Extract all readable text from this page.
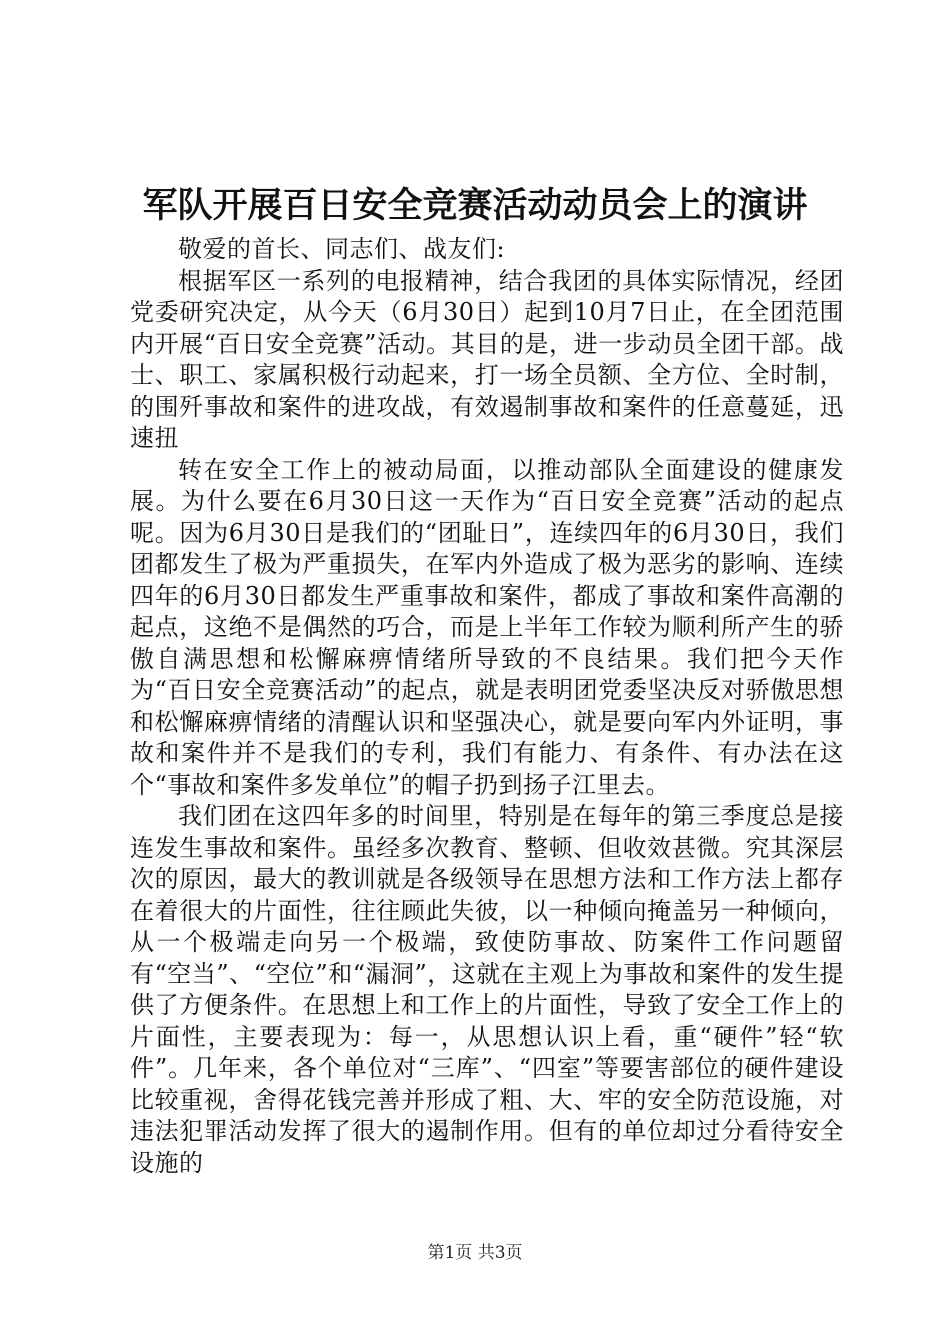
军队开展百日安全竞赛活动动员会上的演讲

敬爱的首长、同志们、战友们:

根据军区一系列的电报精神，结合我团的具体实际情况，经团党委研究决定，从今天（6月30日）起到10月7日止，在全团范围内开展“百日安全竞赛”活动。其目的是，进一步动员全团干部。战士、职工、家属积极行动起来，打一场全员额、全方位、全时制，的围歼事故和案件的进攻战，有效遏制事故和案件的任意蔓延，迅速扭

转在安全工作上的被动局面，以推动部队全面建设的健康发展。为什么要在6月30日这一天作为“百日安全竞赛”活动的起点呢。因为6月30日是我们的“团耻日”，连续四年的6月30日，我们团都发生了极为严重损失，在军内外造成了极为恶劣的影响、连续四年的6月30日都发生严重事故和案件，都成了事故和案件高潮的起点，这绝不是偶然的巧合，而是上半年工作较为顺利所产生的骄傲自满思想和松懈麻痹情绪所导致的不良结果。我们把今天作为“百日安全竞赛活动”的起点，就是表明团党委坚决反对骄傲思想和松懈麻痹情绪的清醒认识和坚强决心，就是要向军内外证明，事故和案件并不是我们的专利，我们有能力、有条件、有办法在这个“事故和案件多发单位”的帽子扔到扬子江里去。

我们团在这四年多的时间里，特别是在每年的第三季度总是接连发生事故和案件。虽经多次教育、整顿、但收效甚微。究其深层次的原因，最大的教训就是各级领导在思想方法和工作方法上都存在着很大的片面性，往往顾此失彼，以一种倾向掩盖另一种倾向，从一个极端走向另一个极端，致使防事故、防案件工作问题留有“空当”、“空位”和“漏洞”，这就在主观上为事故和案件的发生提供了方便条件。在思想上和工作上的片面性，导致了安全工作上的片面性，主要表现为：每一，从思想认识上看，重“硬件”轻“软件”。几年来，各个单位对“三库”、“四室”等要害部位的硬件建设比较重视，舍得花钱完善并形成了粗、大、牢的安全防范设施，对违法犯罪活动发挥了很大的遏制作用。但有的单位却过分看待安全设施的

第1页 共3页
